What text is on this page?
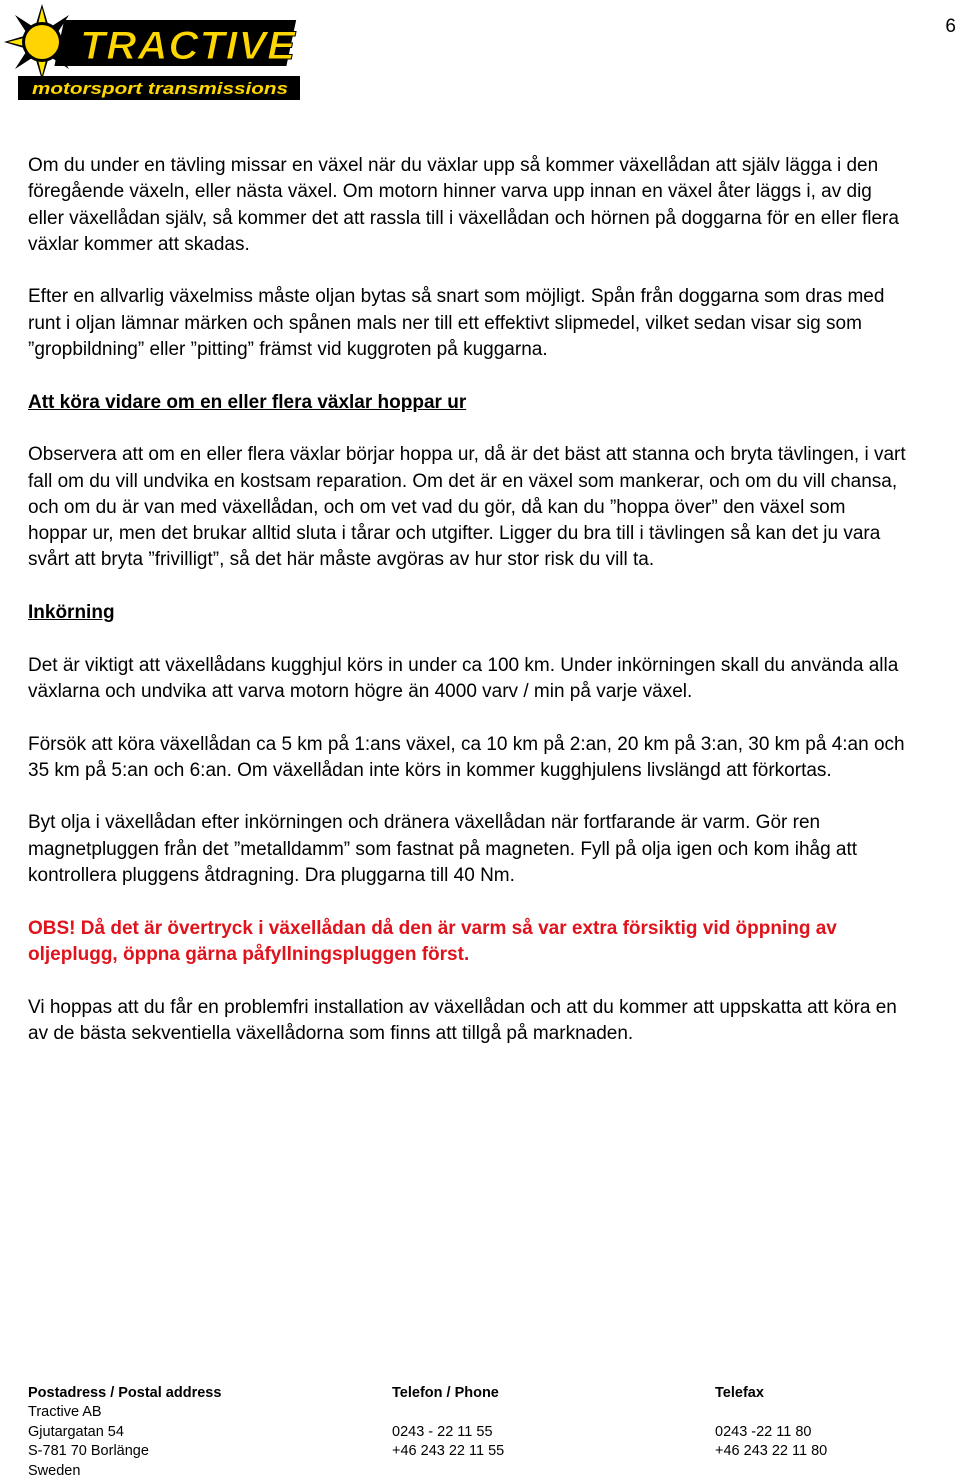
TRACTIVE
motorsport transmissions
6

Om du under en tävling missar en växel när du växlar upp så kommer växellådan att själv lägga i den föregående växeln, eller nästa växel. Om motorn hinner varva upp innan en växel åter läggs i, av dig eller växellådan själv, så kommer det att rassla till i växellådan och hörnen på doggarna för en eller flera växlar kommer att skadas.

Efter en allvarlig växelmiss måste oljan bytas så snart som möjligt. Spån från doggarna som dras med runt i oljan lämnar märken och spånen mals ner till ett effektivt slipmedel, vilket sedan visar sig som ”gropbildning” eller ”pitting” främst vid kuggroten på kuggarna.

Att köra vidare om en eller flera växlar hoppar ur

Observera att om en eller flera växlar börjar hoppa ur, då är det bäst att stanna och bryta tävlingen, i vart fall om du vill undvika en kostsam reparation. Om det är en växel som mankerar, och om du vill chansa, och om du är van med växellådan, och om vet vad du gör, då kan du ”hoppa över” den växel som hoppar ur, men det brukar alltid sluta i tårar och utgifter. Ligger du bra till i tävlingen så kan det ju vara svårt att bryta ”frivilligt”, så det här måste avgöras av hur stor risk du vill ta.

Inkörning

Det är viktigt att växellådans kugghjul körs in under ca 100 km. Under inkörningen skall du använda alla växlarna och undvika att varva motorn högre än 4000 varv / min på varje växel.

Försök att köra växellådan ca 5 km på 1:ans växel, ca 10 km på 2:an, 20 km på 3:an, 30 km på 4:an och 35 km på 5:an och 6:an. Om växellådan inte körs in kommer kugghjulens livslängd att förkortas.

Byt olja i växellådan efter inkörningen och dränera växellådan när fortfarande är varm. Gör ren magnetpluggen från det ”metalldamm” som fastnat på magneten. Fyll på olja igen och kom ihåg att kontrollera pluggens åtdragning. Dra pluggarna till 40 Nm.

OBS! Då det är övertryck i växellådan då den är varm så var extra försiktig vid öppning av oljeplugg, öppna gärna påfyllningspluggen först.

Vi hoppas att du får en problemfri installation av växellådan och att du kommer att uppskatta att köra en av de bästa sekventiella växellådorna som finns att tillgå på marknaden.

Postadress / Postal address
Tractive AB
Gjutargatan 54
S-781 70 Borlänge
Sweden
Telefon / Phone

0243 - 22 11 55
+46 243 22 11 55
Telefax

0243 -22 11 80
+46 243 22 11 80
